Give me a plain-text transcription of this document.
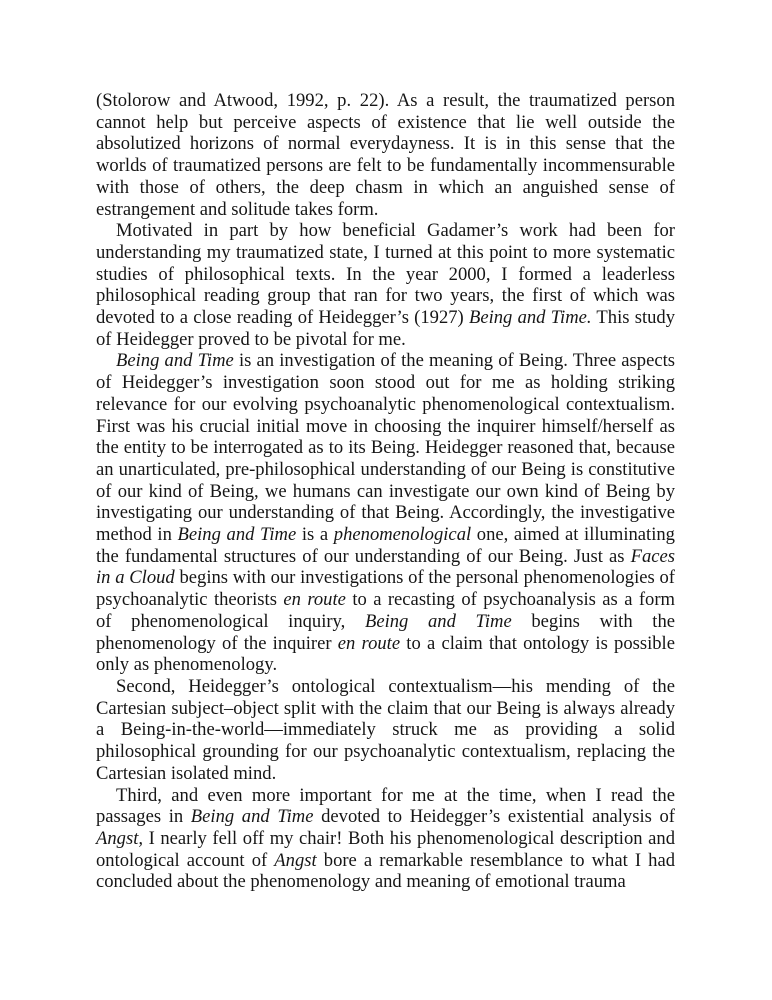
(Stolorow and Atwood, 1992, p. 22). As a result, the traumatized person cannot help but perceive aspects of existence that lie well outside the absolutized horizons of normal everydayness. It is in this sense that the worlds of traumatized persons are felt to be fundamentally incommensurable with those of others, the deep chasm in which an anguished sense of estrangement and solitude takes form.

Motivated in part by how beneficial Gadamer’s work had been for understanding my traumatized state, I turned at this point to more systematic studies of philosophical texts. In the year 2000, I formed a leaderless philosophical reading group that ran for two years, the first of which was devoted to a close reading of Heidegger’s (1927) Being and Time. This study of Heidegger proved to be pivotal for me.

Being and Time is an investigation of the meaning of Being. Three aspects of Heidegger’s investigation soon stood out for me as holding striking relevance for our evolving psychoanalytic phenomenological contextualism. First was his crucial initial move in choosing the inquirer himself/herself as the entity to be interrogated as to its Being. Heidegger reasoned that, because an unarticulated, pre-philosophical understanding of our Being is constitutive of our kind of Being, we humans can investigate our own kind of Being by investigating our understanding of that Being. Accordingly, the investigative method in Being and Time is a phenomenological one, aimed at illuminating the fundamental structures of our understanding of our Being. Just as Faces in a Cloud begins with our investigations of the personal phenomenologies of psychoanalytic theorists en route to a recasting of psychoanalysis as a form of phenomenological inquiry, Being and Time begins with the phenomenology of the inquirer en route to a claim that ontology is possible only as phenomenology.

Second, Heidegger’s ontological contextualism—his mending of the Cartesian subject–object split with the claim that our Being is always already a Being-in-the-world—immediately struck me as providing a solid philosophical grounding for our psychoanalytic contextualism, replacing the Cartesian isolated mind.

Third, and even more important for me at the time, when I read the passages in Being and Time devoted to Heidegger’s existential analysis of Angst, I nearly fell off my chair! Both his phenomenological description and ontological account of Angst bore a remarkable resemblance to what I had concluded about the phenomenology and meaning of emotional trauma
